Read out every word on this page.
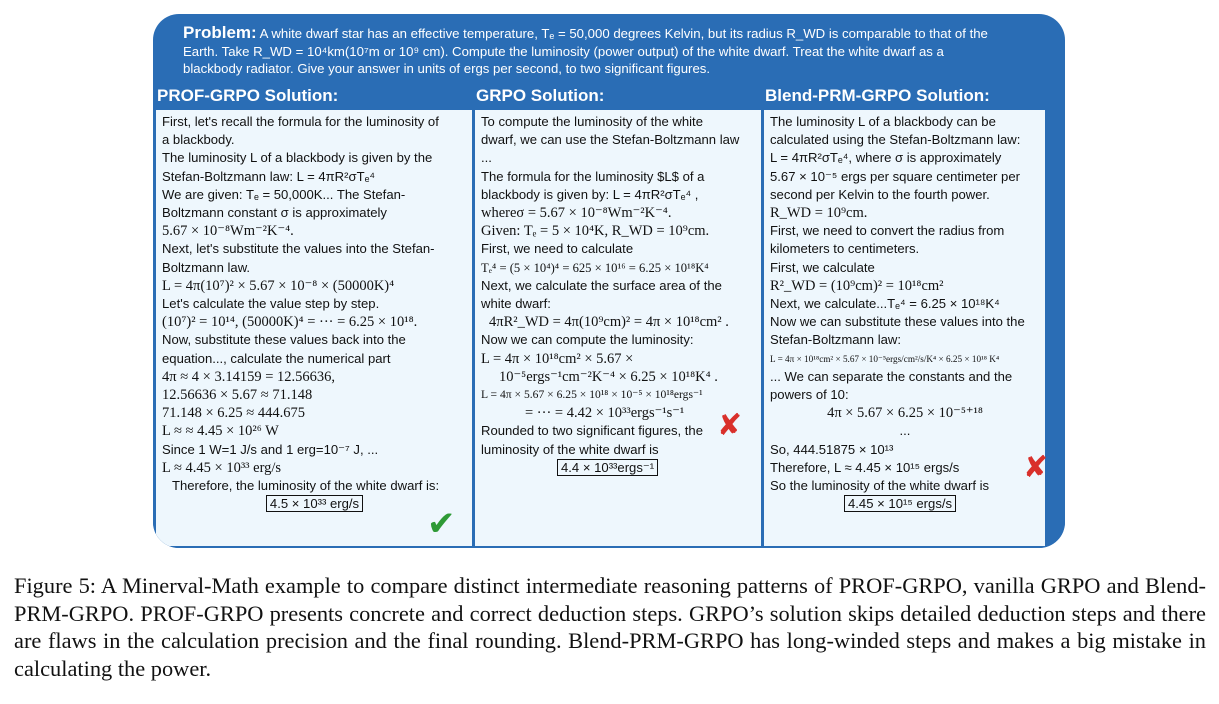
Problem: A white dwarf star has an effective temperature, Tₑ = 50,000 degrees Kelvin, but its radius R_WD is comparable to that of the
Earth. Take R_WD = 10⁴km(10⁷m or 10⁹ cm). Compute the luminosity (power output) of the white dwarf. Treat the white dwarf as a
blackbody radiator. Give your answer in units of ergs per second, to two significant figures.
PROF-GRPO Solution:
First, let's recall the formula for the luminosity of
a blackbody.
The luminosity L of a blackbody is given by the
Stefan-Boltzmann law: L = 4πR²σTₑ⁴
We are given: Tₑ = 50,000K... The Stefan-
Boltzmann constant σ is approximately
5.67 × 10⁻⁸Wm⁻²K⁻⁴.
Next, let's substitute the values into the Stefan-
Boltzmann law.
L = 4π(10⁷)² × 5.67 × 10⁻⁸ × (50000K)⁴
Let's calculate the value step by step.
(10⁷)² = 10¹⁴, (50000K)⁴ = ··· = 6.25 × 10¹⁸.
Now, substitute these values back into the
equation..., calculate the numerical part
4π ≈ 4 × 3.14159 = 12.56636,
12.56636 × 5.67 ≈ 71.148
71.148 × 6.25 ≈ 444.675
L ≈ ≈ 4.45 × 10²⁶ W
Since 1 W=1 J/s and 1 erg=10⁻⁷ J, ...
L ≈ 4.45 × 10³³ erg/s
Therefore, the luminosity of the white dwarf is:
4.5 × 10³³ erg/s
✔
GRPO Solution:
To compute the luminosity of the white
dwarf, we can use the Stefan-Boltzmann law
...
The formula for the luminosity $L$ of a
blackbody is given by: L = 4πR²σTₑ⁴ ,
whereσ = 5.67 × 10⁻⁸Wm⁻²K⁻⁴.
Given: Tₑ = 5 × 10⁴K, R_WD = 10⁹cm.
First, we need to calculate
Tₑ⁴ = (5 × 10⁴)⁴ = 625 × 10¹⁶ = 6.25 × 10¹⁸K⁴
Next, we calculate the surface area of the
white dwarf:
4πR²_WD = 4π(10⁹cm)² = 4π × 10¹⁸cm² .
Now we can compute the luminosity:
L = 4π × 10¹⁸cm² × 5.67 ×
10⁻⁵ergs⁻¹cm⁻²K⁻⁴ × 6.25 × 10¹⁸K⁴ .
L = 4π × 5.67 × 6.25 × 10¹⁸ × 10⁻⁵ × 10¹⁸ergs⁻¹
= ··· = 4.42 × 10³³ergs⁻¹s⁻¹
Rounded to two significant figures, the
luminosity of the white dwarf is
4.4 × 10³³ergs⁻¹
✘
Blend-PRM-GRPO Solution:
The luminosity L of a blackbody can be
calculated using the Stefan-Boltzmann law:
L = 4πR²σTₑ⁴, where σ is approximately
5.67 × 10⁻⁵ ergs per square centimeter per
second per Kelvin to the fourth power.
R_WD = 10⁹cm.
First, we need to convert the radius from
kilometers to centimeters.
First, we calculate
R²_WD = (10⁹cm)² = 10¹⁸cm²
Next, we calculate...Tₑ⁴ = 6.25 × 10¹⁸K⁴
Now we can substitute these values into the
Stefan-Boltzmann law:
L = 4π × 10¹⁸cm² × 5.67 × 10⁻⁵ergs/cm²/s/K⁴ × 6.25 × 10¹⁸ K⁴
... We can separate the constants and the
powers of 10:
4π × 5.67 × 6.25 × 10⁻⁵⁺¹⁸
...
So, 444.51875 × 10¹³
Therefore, L ≈ 4.45 × 10¹⁵ ergs/s
So the luminosity of the white dwarf is
4.45 × 10¹⁵ ergs/s
✘
Figure 5: A Minerval-Math example to compare distinct intermediate reasoning patterns of PROF-GRPO, vanilla GRPO and Blend-PRM-GRPO. PROF-GRPO presents concrete and correct deduction steps. GRPO’s solution skips detailed deduction steps and there are flaws in the calculation precision and the final rounding. Blend-PRM-GRPO has long-winded steps and makes a big mistake in calculating the power.
